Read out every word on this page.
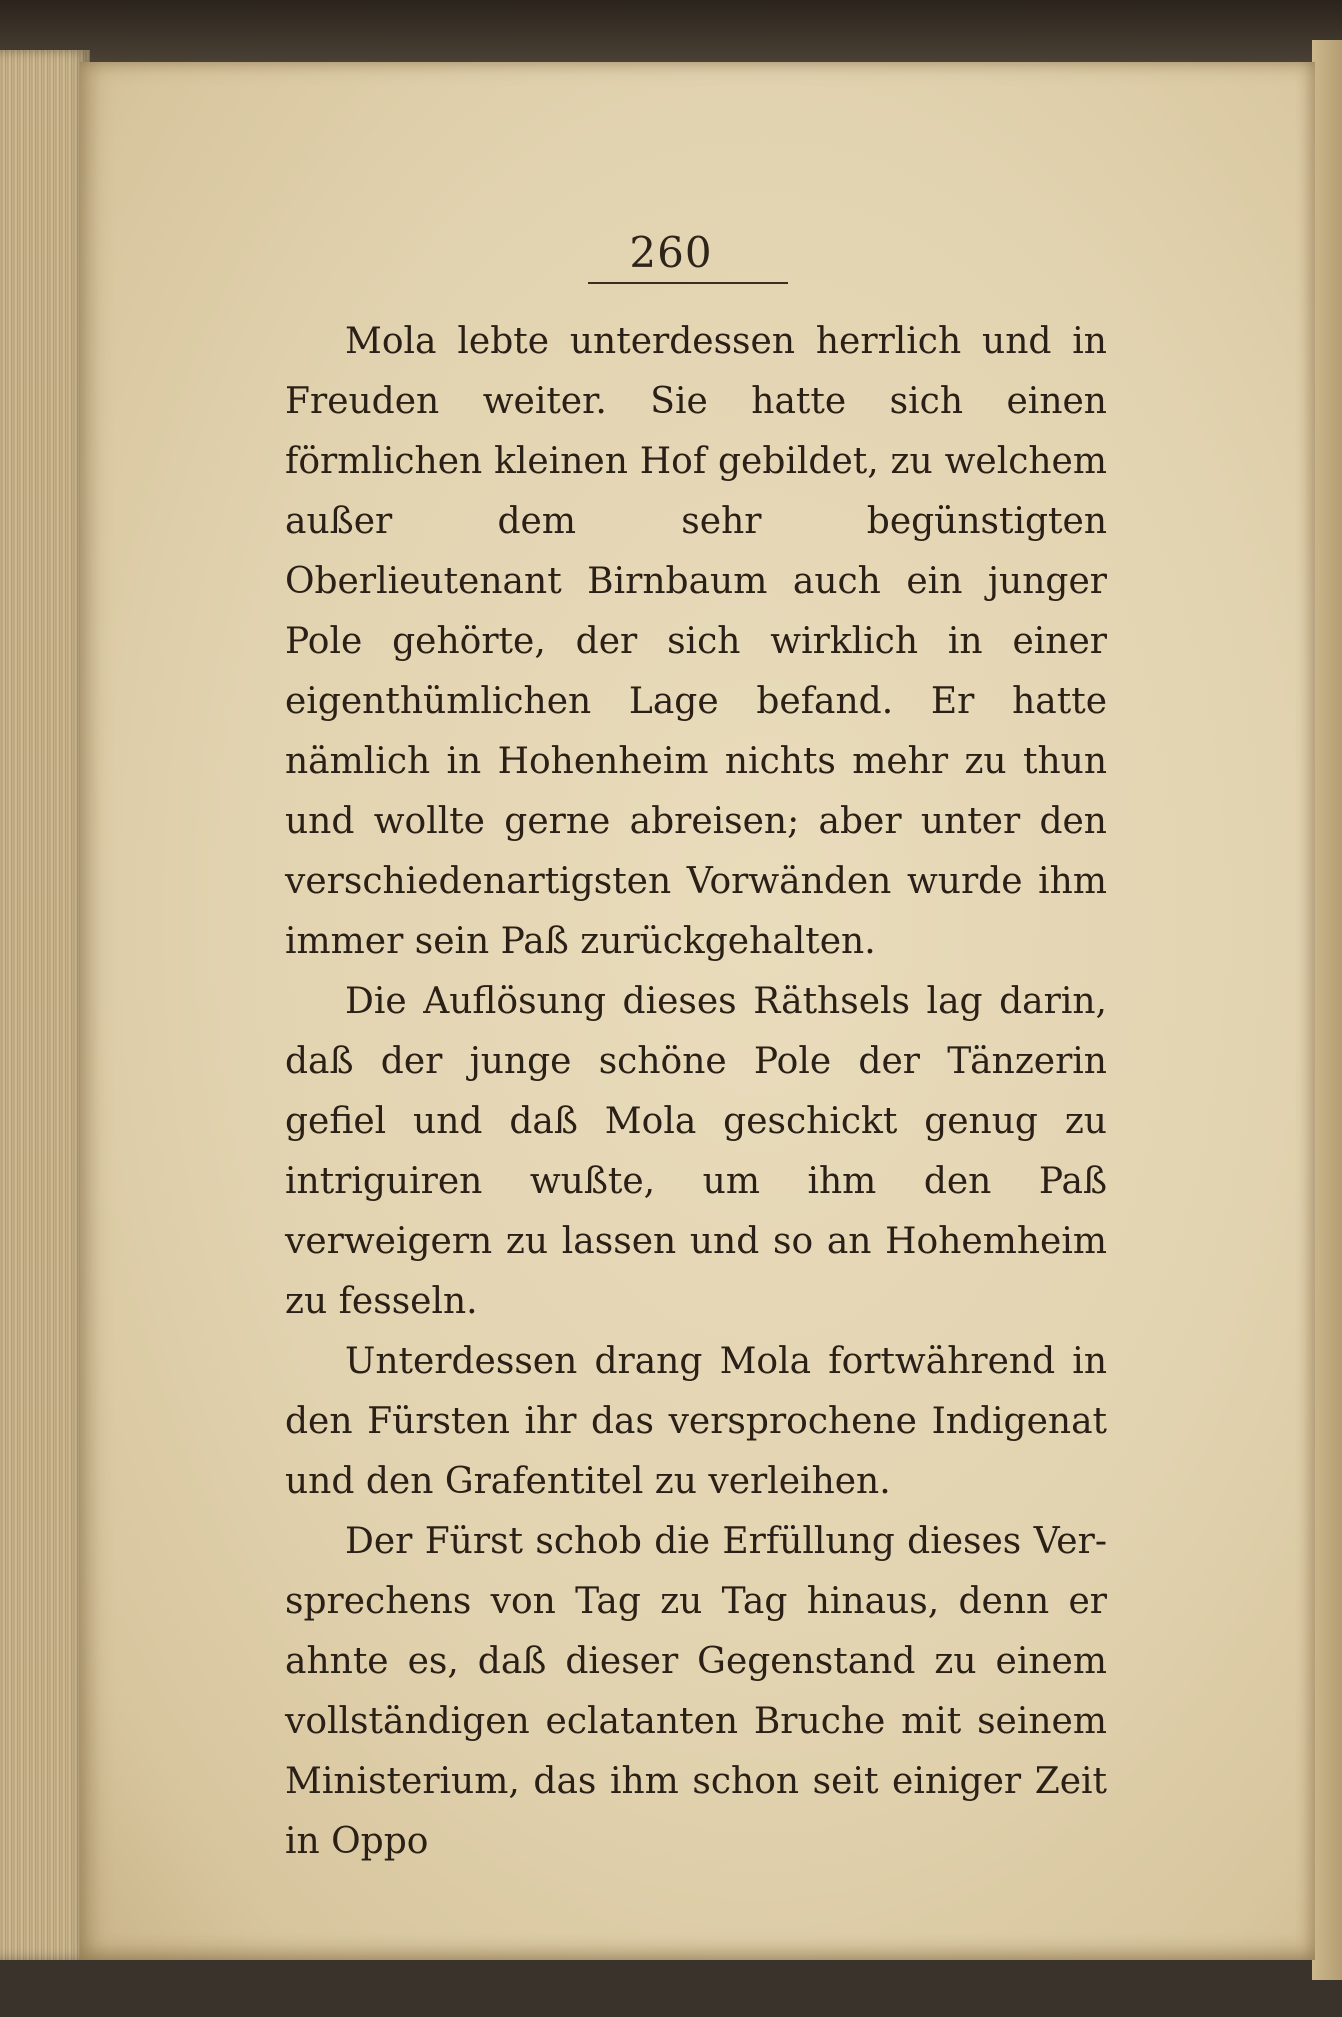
260

Mola lebte unterdessen herrlich und in Freuden weiter. Sie hatte sich einen förmlichen kleinen Hof gebildet, zu welchem außer dem sehr begünstigten Oberlieutenant Birnbaum auch ein junger Pole gehörte, der sich wirklich in einer eigenthümlichen Lage befand. Er hatte nämlich in Hohenheim nichts mehr zu thun und wollte gerne abreisen; aber unter den verschiedenartigsten Vorwänden wurde ihm immer sein Paß zurückgehalten.

Die Auflösung dieses Räthsels lag darin, daß der junge schöne Pole der Tänzerin gefiel und daß Mola geschickt genug zu intriguiren wußte, um ihm den Paß verweigern zu lassen und so an Hohemheim zu fesseln.

Unterdessen drang Mola fortwährend in den Fürsten ihr das versprochene Indigenat und den Grafentitel zu verleihen.

Der Fürst schob die Erfüllung dieses Versprechens von Tag zu Tag hinaus, denn er ahnte es, daß dieser Gegenstand zu einem vollständigen eclatanten Bruche mit seinem Ministerium, das ihm schon seit einiger Zeit in Oppo
